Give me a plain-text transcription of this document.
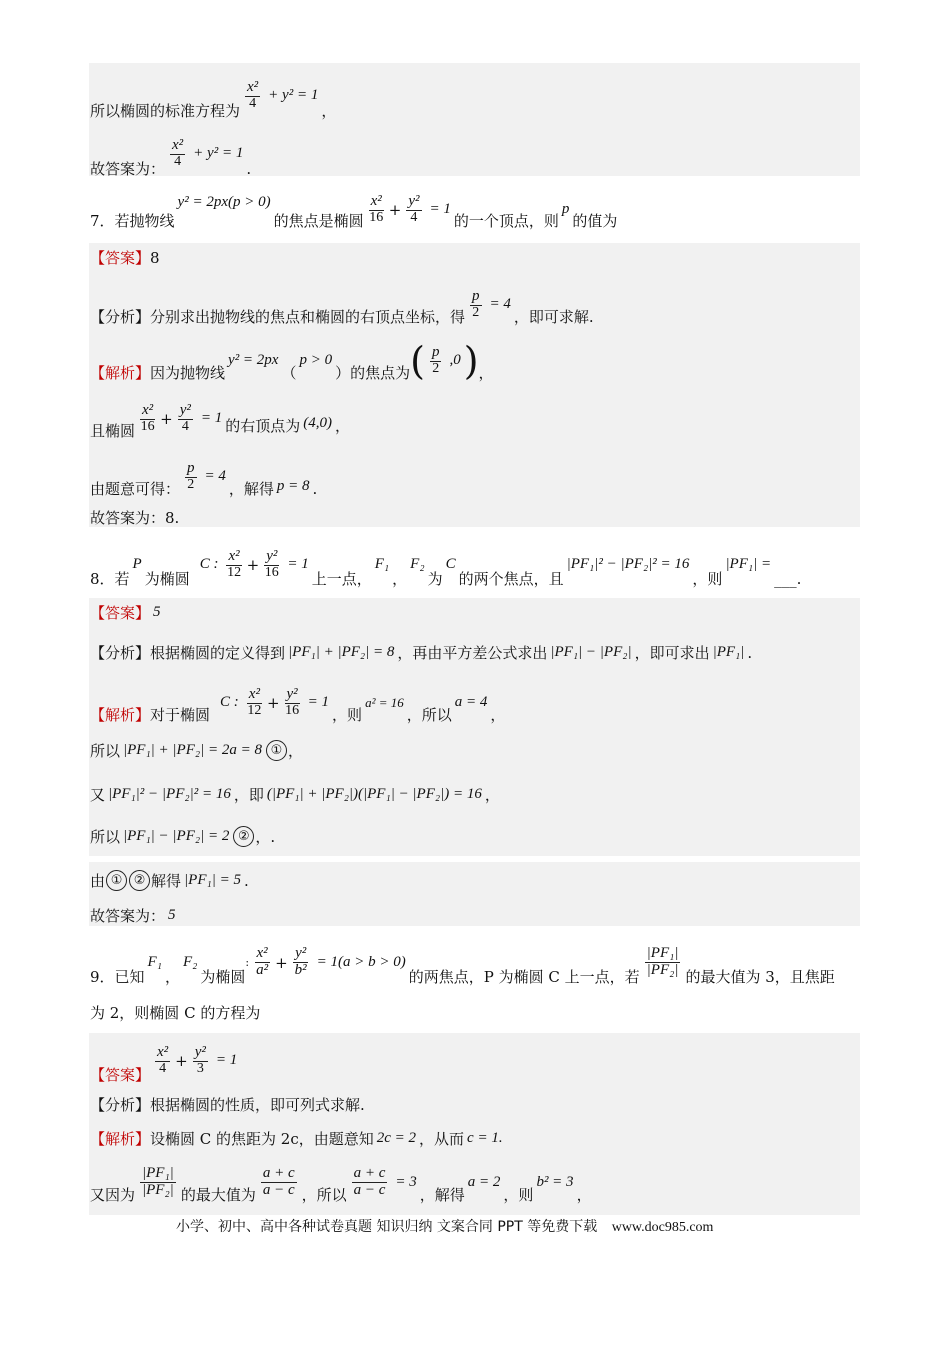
所以椭圆的标准方程为 $\frac{\text{x²}}{4} + y^2 = 1$
，
故答案为： $\frac{\text{x²}}{4} + y^2 = 1$
.
7．若抛物线
y² = 2px(p > 0)
的焦点是椭圆 $\frac{\text{x²}}{16} + \frac{\text{y²}}{4} = 1$
的一个顶点，则
p
的值为
【答案】 8
【分析】 分别求出抛物线的焦点和椭圆的右顶点坐标，得 $\frac{p}{2} = 4$
，即可求解.
【解析】 因为抛物线
y² = 2px
（
p > 0
）的焦点为 ( $\frac{p}{2} ,0$ ) ，
且椭圆 $\frac{\text{x²}}{16} + \frac{\text{y²}}{4} = 1$ 的右顶点为 (4,0) ，
由题意可得： $\frac{p}{2} = 4$
，解得 p = 8 .
故答案为：8.
8．若
P
为椭圆
C : $\frac{\text{x²}}{12} + \frac{\text{y²}}{16} = 1$
上一点，
F₁
，
F₂
为
C
的两个焦点，且
|PF₁|² − |PF₂|² = 16
，则
|PF₁| =
___.
【答案】 5
【分析】 根据椭圆的定义得到 |PF₁| + |PF₂| = 8 ，再由平方差公式求出 |PF₁| − |PF₂| ，即可求出 |PF₁| .
【解析】 对于椭圆
C : $\frac{\text{x²}}{12} + \frac{\text{y²}}{16} = 1$
，则
a² = 16
，所以
a = 4
，
所以 |PF₁| + |PF₂| = 2a = 8 ① ，
又 |PF₁|² − |PF₂|² = 16 ，即 (|PF₁| + |PF₂|)(|PF₁| − |PF₂|) = 16 ，
所以 |PF₁| − |PF₂| = 2 ② ，.
由 ① ② 解得 |PF₁| = 5 .
故答案为： 5
9．已知
F₁
，
F₂
为椭圆
: $\frac{\text{x²}}{\text{a²}} + \frac{\text{y²}}{\text{b²}} = 1(a > b > 0)$
的两焦点，P 为椭圆 C 上一点，若 $\frac{\text{|PF₁|}}{\text{|PF₂|}}$ 的最大值为 3，且焦距
为 2，则椭圆 C 的方程为
【答案】 $\frac{\text{x²}}{4} + \frac{\text{y²}}{3} = 1$
【分析】 根据椭圆的性质，即可列式求解.
【解析】 设椭圆 C 的焦距为 2c，由题意知 2c = 2 ，从而 c = 1.
又因为 $\frac{\text{|PF₁|}}{\text{|PF₂|}}$ 的最大值为 $\frac{a + c}{a - c}$ ，所以 $\frac{a + c}{a - c} = 3$
，解得
a = 2
，则
b² = 3
，
小学、初中、高中各种试卷真题 知识归纳 文案合同 PPT 等免费下载 www.doc985.com
